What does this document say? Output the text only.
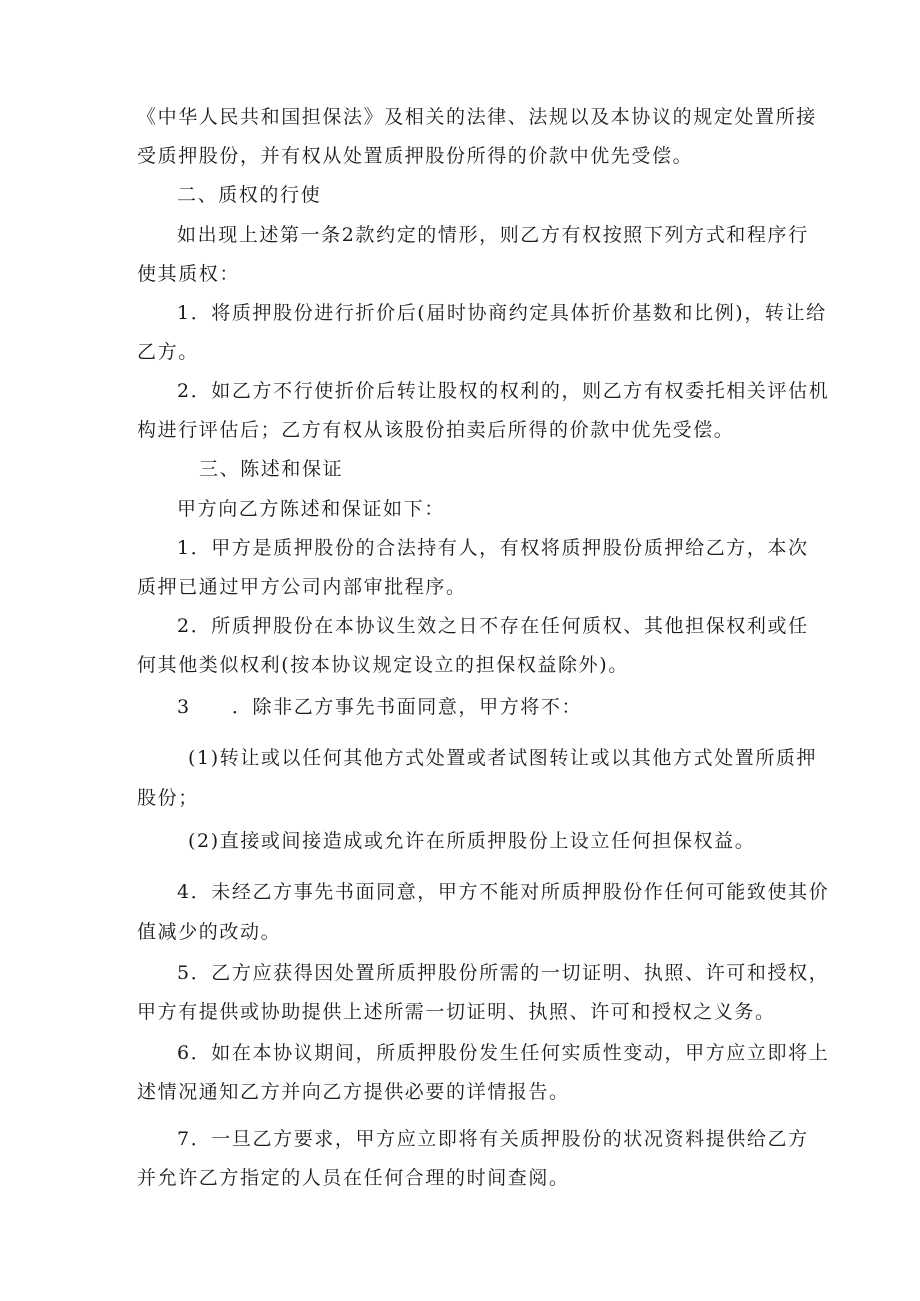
《中华人民共和国担保法》及相关的法律、法规以及本协议的规定处置所接
受质押股份，并有权从处置质押股份所得的价款中优先受偿。
二、质权的行使
如出现上述第一条2款约定的情形，则乙方有权按照下列方式和程序行
使其质权：
1．将质押股份进行折价后(届时协商约定具体折价基数和比例)，转让给
乙方。
2．如乙方不行使折价后转让股权的权利的，则乙方有权委托相关评估机
构进行评估后；乙方有权从该股份拍卖后所得的价款中优先受偿。
三、陈述和保证
甲方向乙方陈述和保证如下：
1．甲方是质押股份的合法持有人，有权将质押股份质押给乙方，本次
质押已通过甲方公司内部审批程序。
2．所质押股份在本协议生效之日不存在任何质权、其他担保权利或任
何其他类似权利(按本协议规定设立的担保权益除外)。
3　　．除非乙方事先书面同意，甲方将不：
(1)转让或以任何其他方式处置或者试图转让或以其他方式处置所质押
股份；
(2)直接或间接造成或允许在所质押股份上设立任何担保权益。
4．未经乙方事先书面同意，甲方不能对所质押股份作任何可能致使其价
值减少的改动。
5．乙方应获得因处置所质押股份所需的一切证明、执照、许可和授权，
甲方有提供或协助提供上述所需一切证明、执照、许可和授权之义务。
6．如在本协议期间，所质押股份发生任何实质性变动，甲方应立即将上
述情况通知乙方并向乙方提供必要的详情报告。
7．一旦乙方要求，甲方应立即将有关质押股份的状况资料提供给乙方
并允许乙方指定的人员在任何合理的时间查阅。
